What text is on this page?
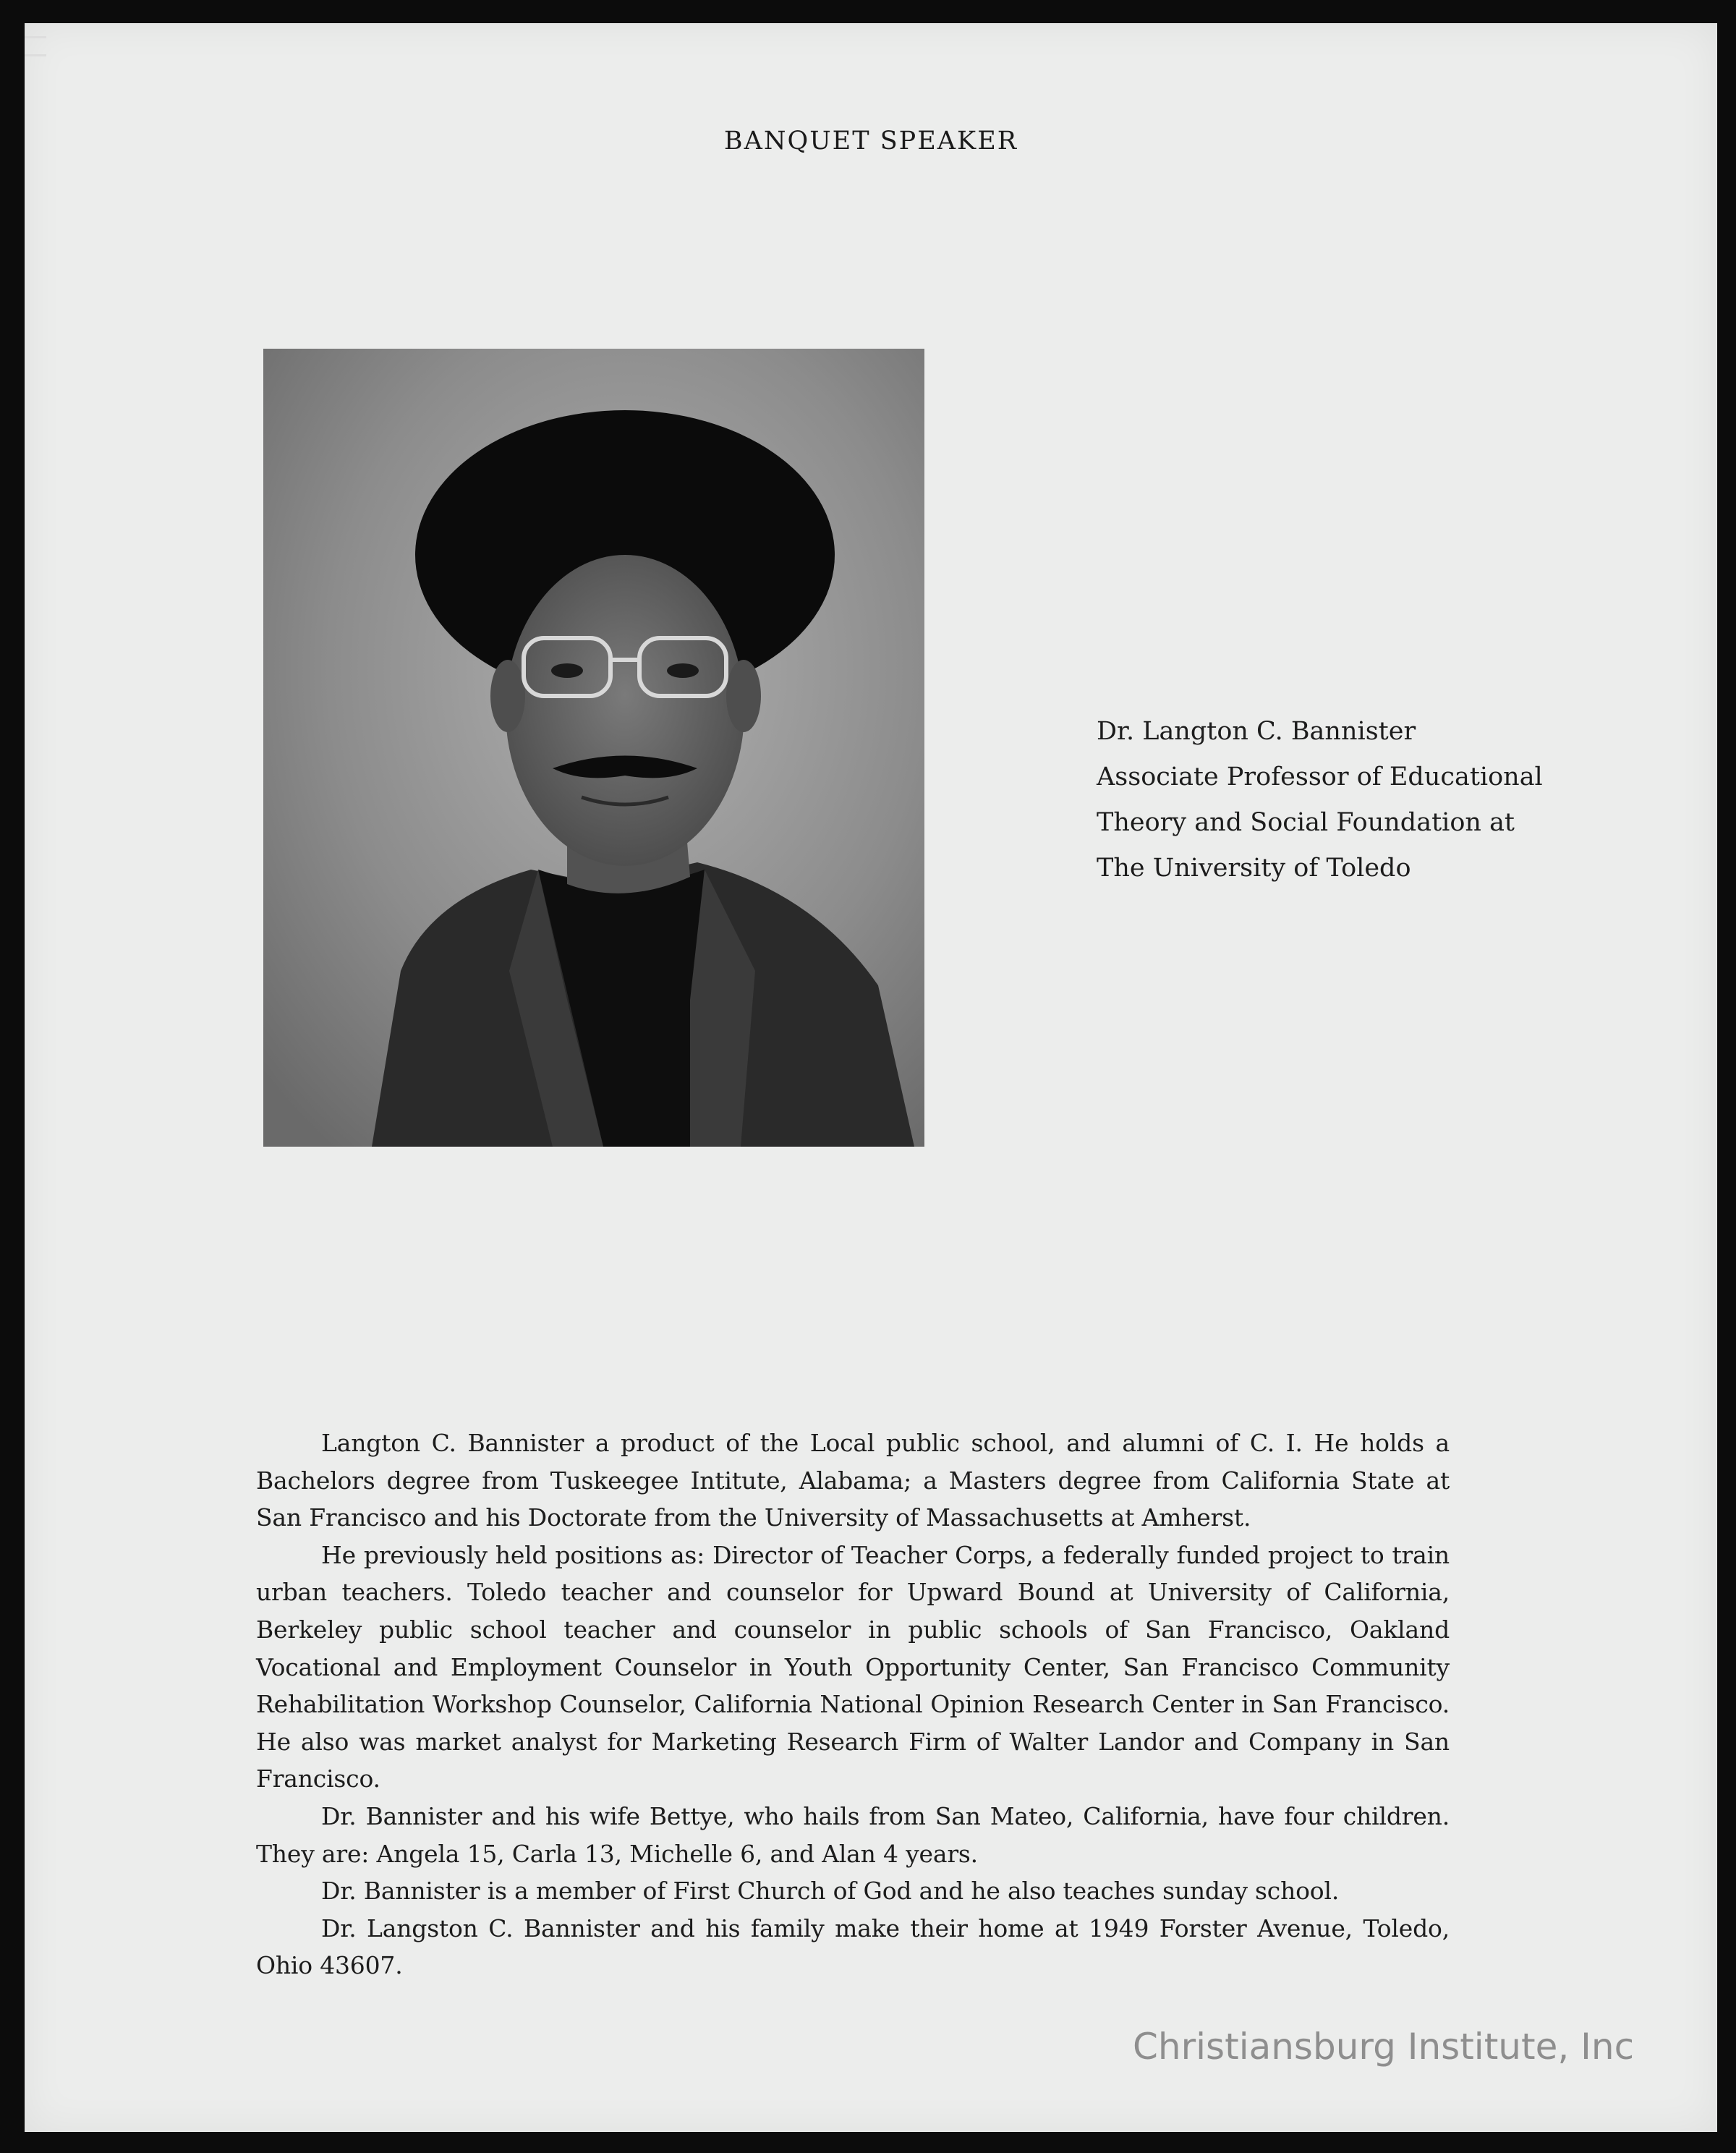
BANQUET SPEAKER
Dr. Langton C. Bannister
Associate Professor of Educational
Theory and Social Foundation at
The University of Toledo

Langton C. Bannister a product of the Local public school, and alumni of C. I. He holds a Bachelors degree from Tuskeegee Intitute, Alabama; a Masters degree from California State at San Francisco and his Doctorate from the University of Massachusetts at Amherst.

He previously held positions as: Director of Teacher Corps, a federally funded project to train urban teachers. Toledo teacher and counselor for Upward Bound at University of California, Berkeley public school teacher and counselor in public schools of San Francisco, Oakland Vocational and Employment Counselor in Youth Opportunity Center, San Francisco Community Rehabilitation Workshop Counselor, California National Opinion Research Center in San Francisco. He also was market analyst for Marketing Research Firm of Walter Landor and Company in San Francisco.

Dr. Bannister and his wife Bettye, who hails from San Mateo, California, have four children. They are: Angela 15, Carla 13, Michelle 6, and Alan 4 years.

Dr. Bannister is a member of First Church of God and he also teaches sunday school.

Dr. Langston C. Bannister and his family make their home at 1949 Forster Avenue, Toledo, Ohio 43607.

Christiansburg Institute, Inc
